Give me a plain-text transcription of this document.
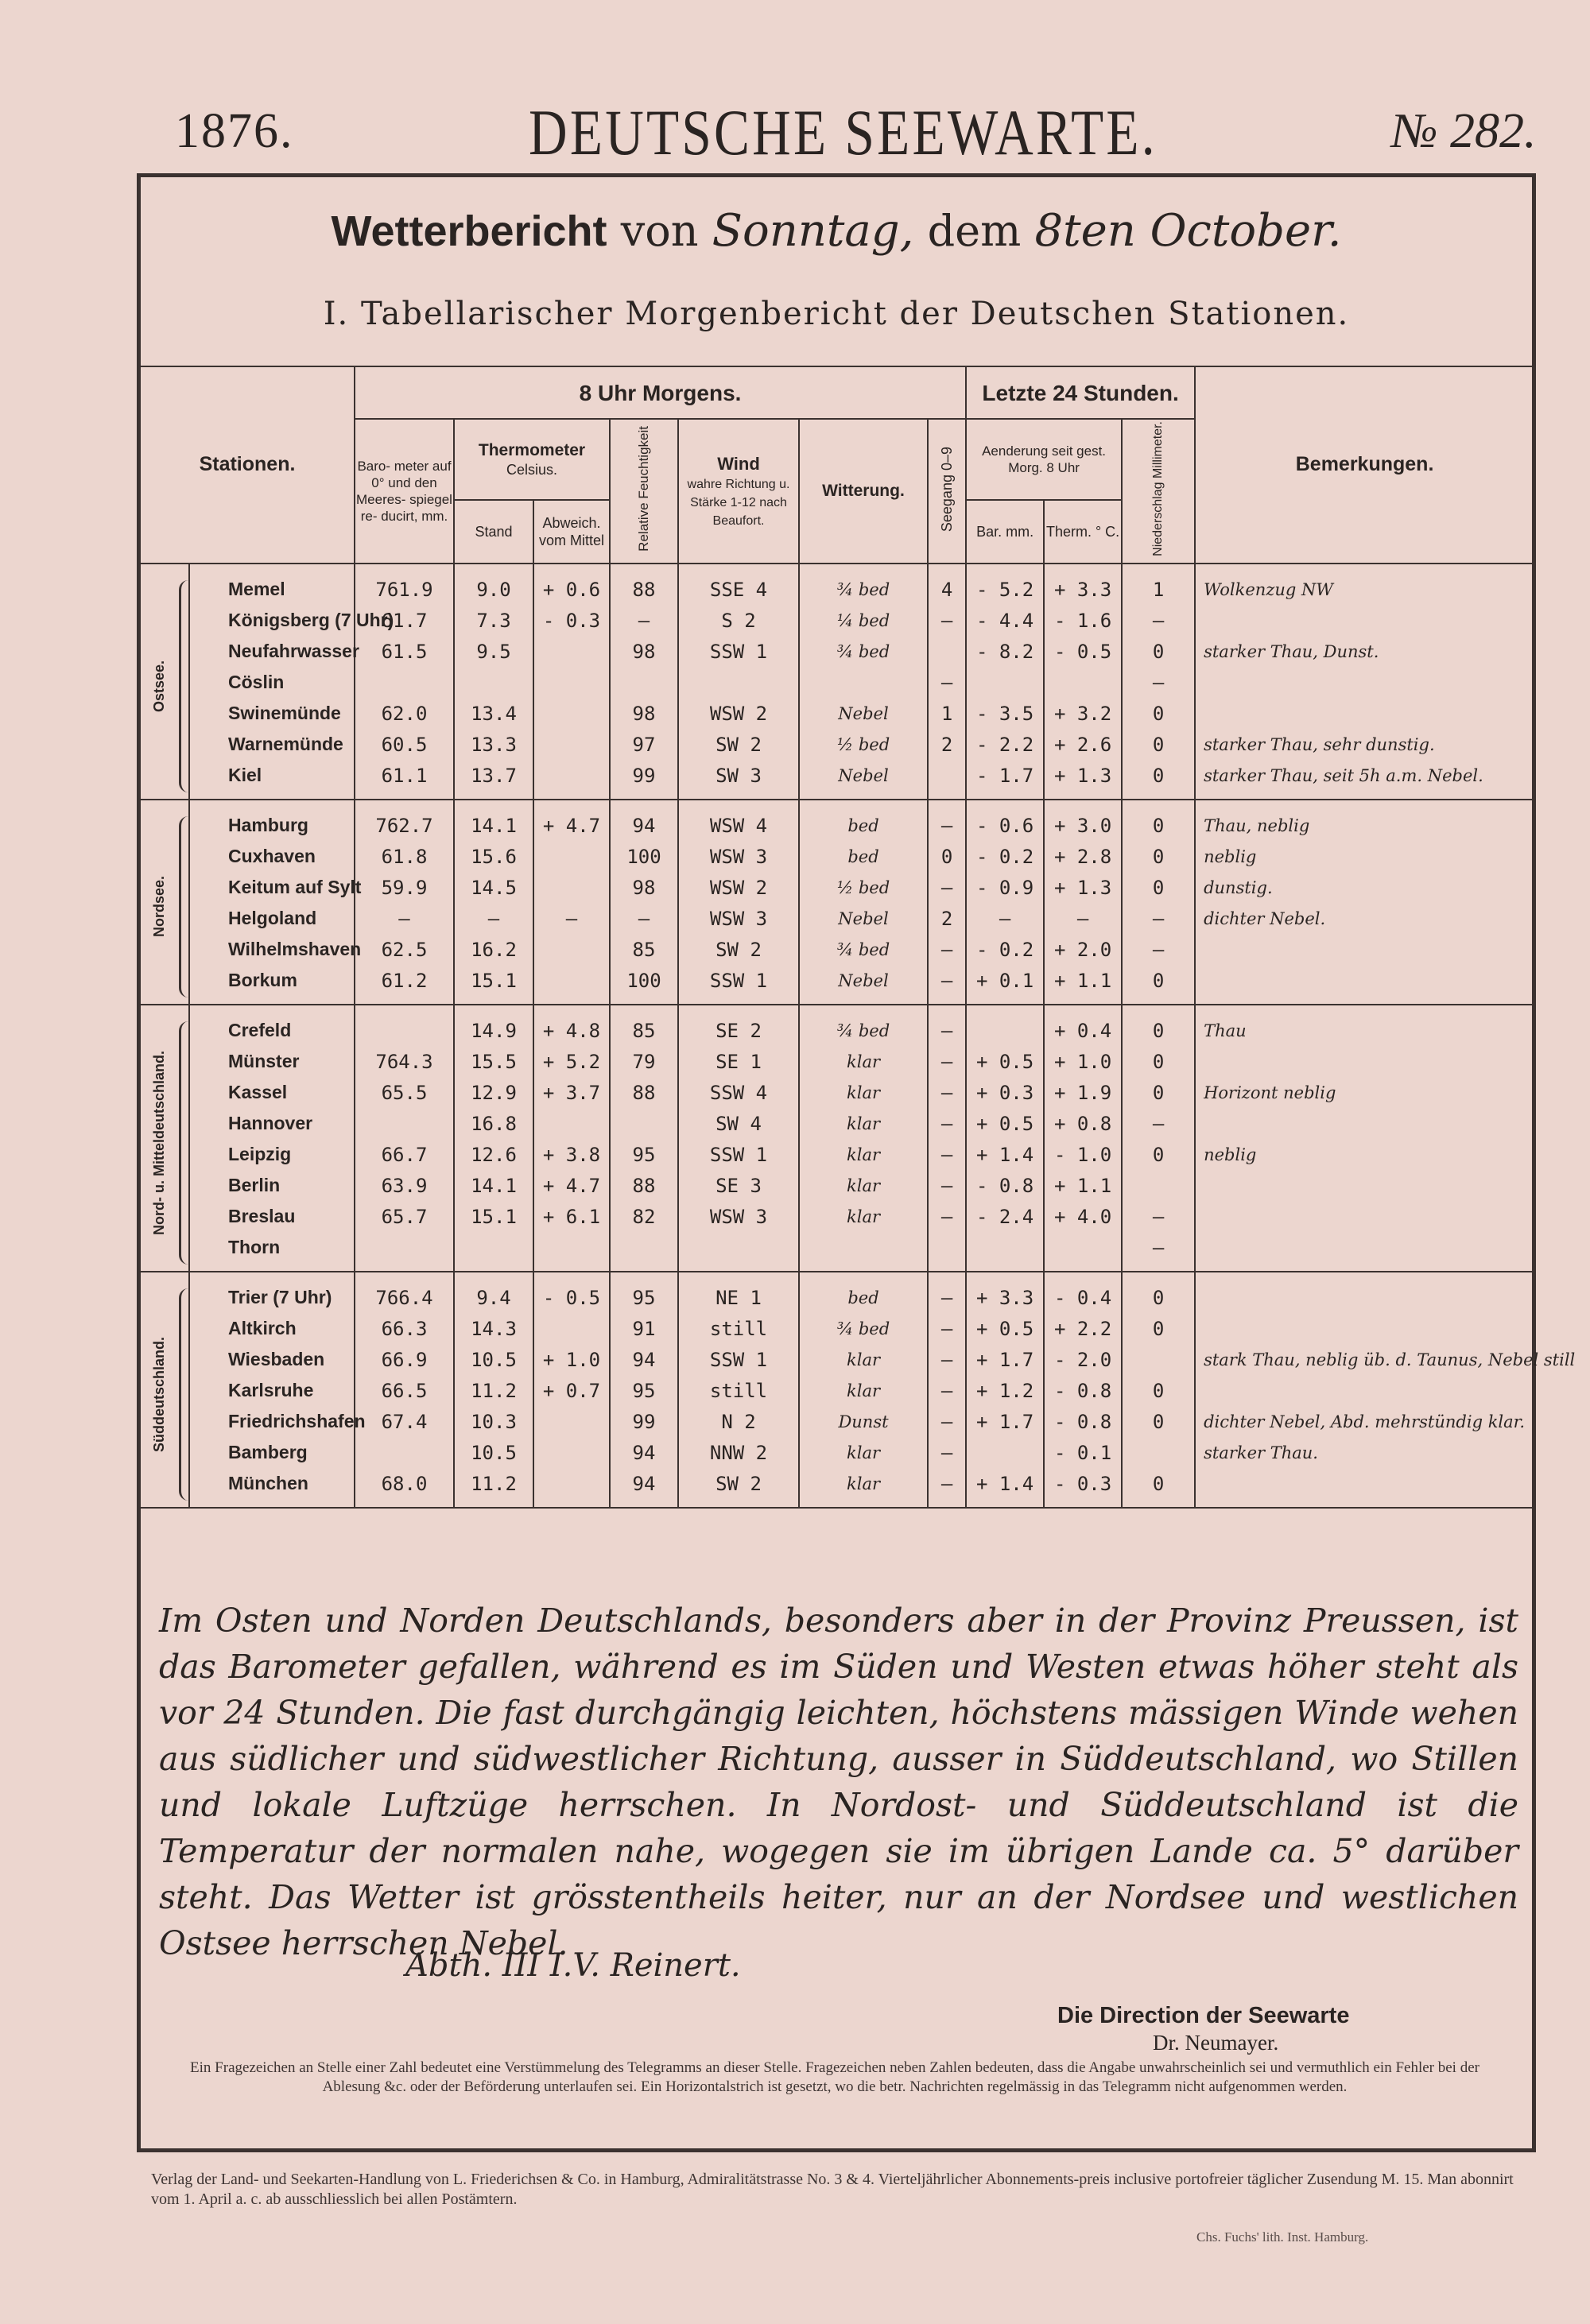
1876.	DEUTSCHE SEEWARTE.	№ 282.
Wetterbericht von Sonntag, dem 8ten October.
I. Tabellarischer Morgenbericht der Deutschen Stationen.
Stationen.		8 Uhr Morgens.							Letzte 24 Stunden.			Bemerkungen.
		Baro- meter auf 0° und den Meeres- spiegel re- ducirt, mm.	Thermometer
Celsius.		Relative Feuchtigkeit	Wind
wahre Richtung u. Stärke 1-12 nach Beaufort.	Witterung.	Seegang 0–9	Aenderung seit gest. Morg. 8 Uhr		Niederschlag Millimeter.	
			Stand	Abweich. vom Mittel					Bar. mm.	Therm. ° C.		

Ostsee.	Memel	761.9	9.0	+ 0.6	88	SSE 4	¾ bed	4	- 5.2	+ 3.3	1	Wolkenzug NW
	Königsberg (7 Uhr)	61.7	7.3	- 0.3	—	S 2	¼ bed	—	- 4.4	- 1.6	—	
	Neufahrwasser	61.5	9.5		98	SSW 1	¾ bed		- 8.2	- 0.5	0	starker Thau, Dunst.
	Cöslin							—			—	
	Swinemünde	62.0	13.4		98	WSW 2	Nebel	1	- 3.5	+ 3.2	0	
	Warnemünde	60.5	13.3		97	SW 2	½ bed	2	- 2.2	+ 2.6	0	starker Thau, sehr dunstig.
	Kiel	61.1	13.7		99	SW 3	Nebel		- 1.7	+ 1.3	0	starker Thau, seit 5h a.m. Nebel.

Nordsee.	Hamburg	762.7	14.1	+ 4.7	94	WSW 4	bed	—	- 0.6	+ 3.0	0	Thau, neblig
	Cuxhaven	61.8	15.6		100	WSW 3	bed	0	- 0.2	+ 2.8	0	neblig
	Keitum auf Sylt	59.9	14.5		98	WSW 2	½ bed	—	- 0.9	+ 1.3	0	dunstig.
	Helgoland	—	—	—	—	WSW 3	Nebel	2	—	—	—	dichter Nebel.
	Wilhelmshaven	62.5	16.2		85	SW 2	¾ bed	—	- 0.2	+ 2.0	—	
	Borkum	61.2	15.1		100	SSW 1	Nebel	—	+ 0.1	+ 1.1	0	

Nord- u. Mitteldeutschland.	Crefeld		14.9	+ 4.8	85	SE 2	¾ bed	—		+ 0.4	0	Thau
	Münster	764.3	15.5	+ 5.2	79	SE 1	klar	—	+ 0.5	+ 1.0	0	
	Kassel	65.5	12.9	+ 3.7	88	SSW 4	klar	—	+ 0.3	+ 1.9	0	Horizont neblig
	Hannover		16.8			SW 4	klar	—	+ 0.5	+ 0.8	—	
	Leipzig	66.7	12.6	+ 3.8	95	SSW 1	klar	—	+ 1.4	- 1.0	0	neblig
	Berlin	63.9	14.1	+ 4.7	88	SE 3	klar	—	- 0.8	+ 1.1		
	Breslau	65.7	15.1	+ 6.1	82	WSW 3	klar	—	- 2.4	+ 4.0	—	
	Thorn										—	

Süddeutschland.	Trier (7 Uhr)	766.4	9.4	- 0.5	95	NE 1	bed	—	+ 3.3	- 0.4	0	
	Altkirch	66.3	14.3		91	still	¾ bed	—	+ 0.5	+ 2.2	0	
	Wiesbaden	66.9	10.5	+ 1.0	94	SSW 1	klar	—	+ 1.7	- 2.0		stark Thau, neblig üb. d. Taunus, Nebel still
	Karlsruhe	66.5	11.2	+ 0.7	95	still	klar	—	+ 1.2	- 0.8	0	
	Friedrichshafen	67.4	10.3		99	N 2	Dunst	—	+ 1.7	- 0.8	0	dichter Nebel, Abd. mehrstündig klar.
	Bamberg		10.5		94	NNW 2	klar	—		- 0.1		starker Thau.
	München	68.0	11.2		94	SW 2	klar	—	+ 1.4	- 0.3	0	
Im Osten und Norden Deutschlands, besonders aber in der Provinz Preussen, ist das Barometer gefallen, während es im Süden und Westen etwas höher steht als vor 24 Stunden. Die fast durchgängig leichten, höchstens mässigen Winde wehen aus südlicher und südwestlicher Richtung, ausser in Süddeutschland, wo Stillen und lokale Luftzüge herrschen. In Nordost- und Süddeutschland ist die Temperatur der normalen nahe, wogegen sie im übrigen Lande ca. 5° darüber steht. Das Wetter ist grösstentheils heiter, nur an der Nordsee und westlichen Ostsee herrschen Nebel.
Abth. III I.V. Reinert.
Die Direction der Seewarte
Dr. Neumayer.
Ein Fragezeichen an Stelle einer Zahl bedeutet eine Verstümmelung des Telegramms an dieser Stelle. Fragezeichen neben Zahlen bedeuten, dass die Angabe unwahrscheinlich sei und vermuthlich ein Fehler bei der Ablesung &c. oder der Beförderung unterlaufen sei. Ein Horizontalstrich ist gesetzt, wo die betr. Nachrichten regelmässig in das Telegramm nicht aufgenommen werden.
Verlag der Land- und Seekarten-Handlung von L. Friederichsen & Co. in Hamburg, Admiralitätstrasse No. 3 & 4. Vierteljährlicher Abonnements-preis inclusive portofreier täglicher Zusendung M. 15. Man abonnirt vom 1. April a. c. ab ausschliesslich bei allen Postämtern.
Chs. Fuchs' lith. Inst. Hamburg.
